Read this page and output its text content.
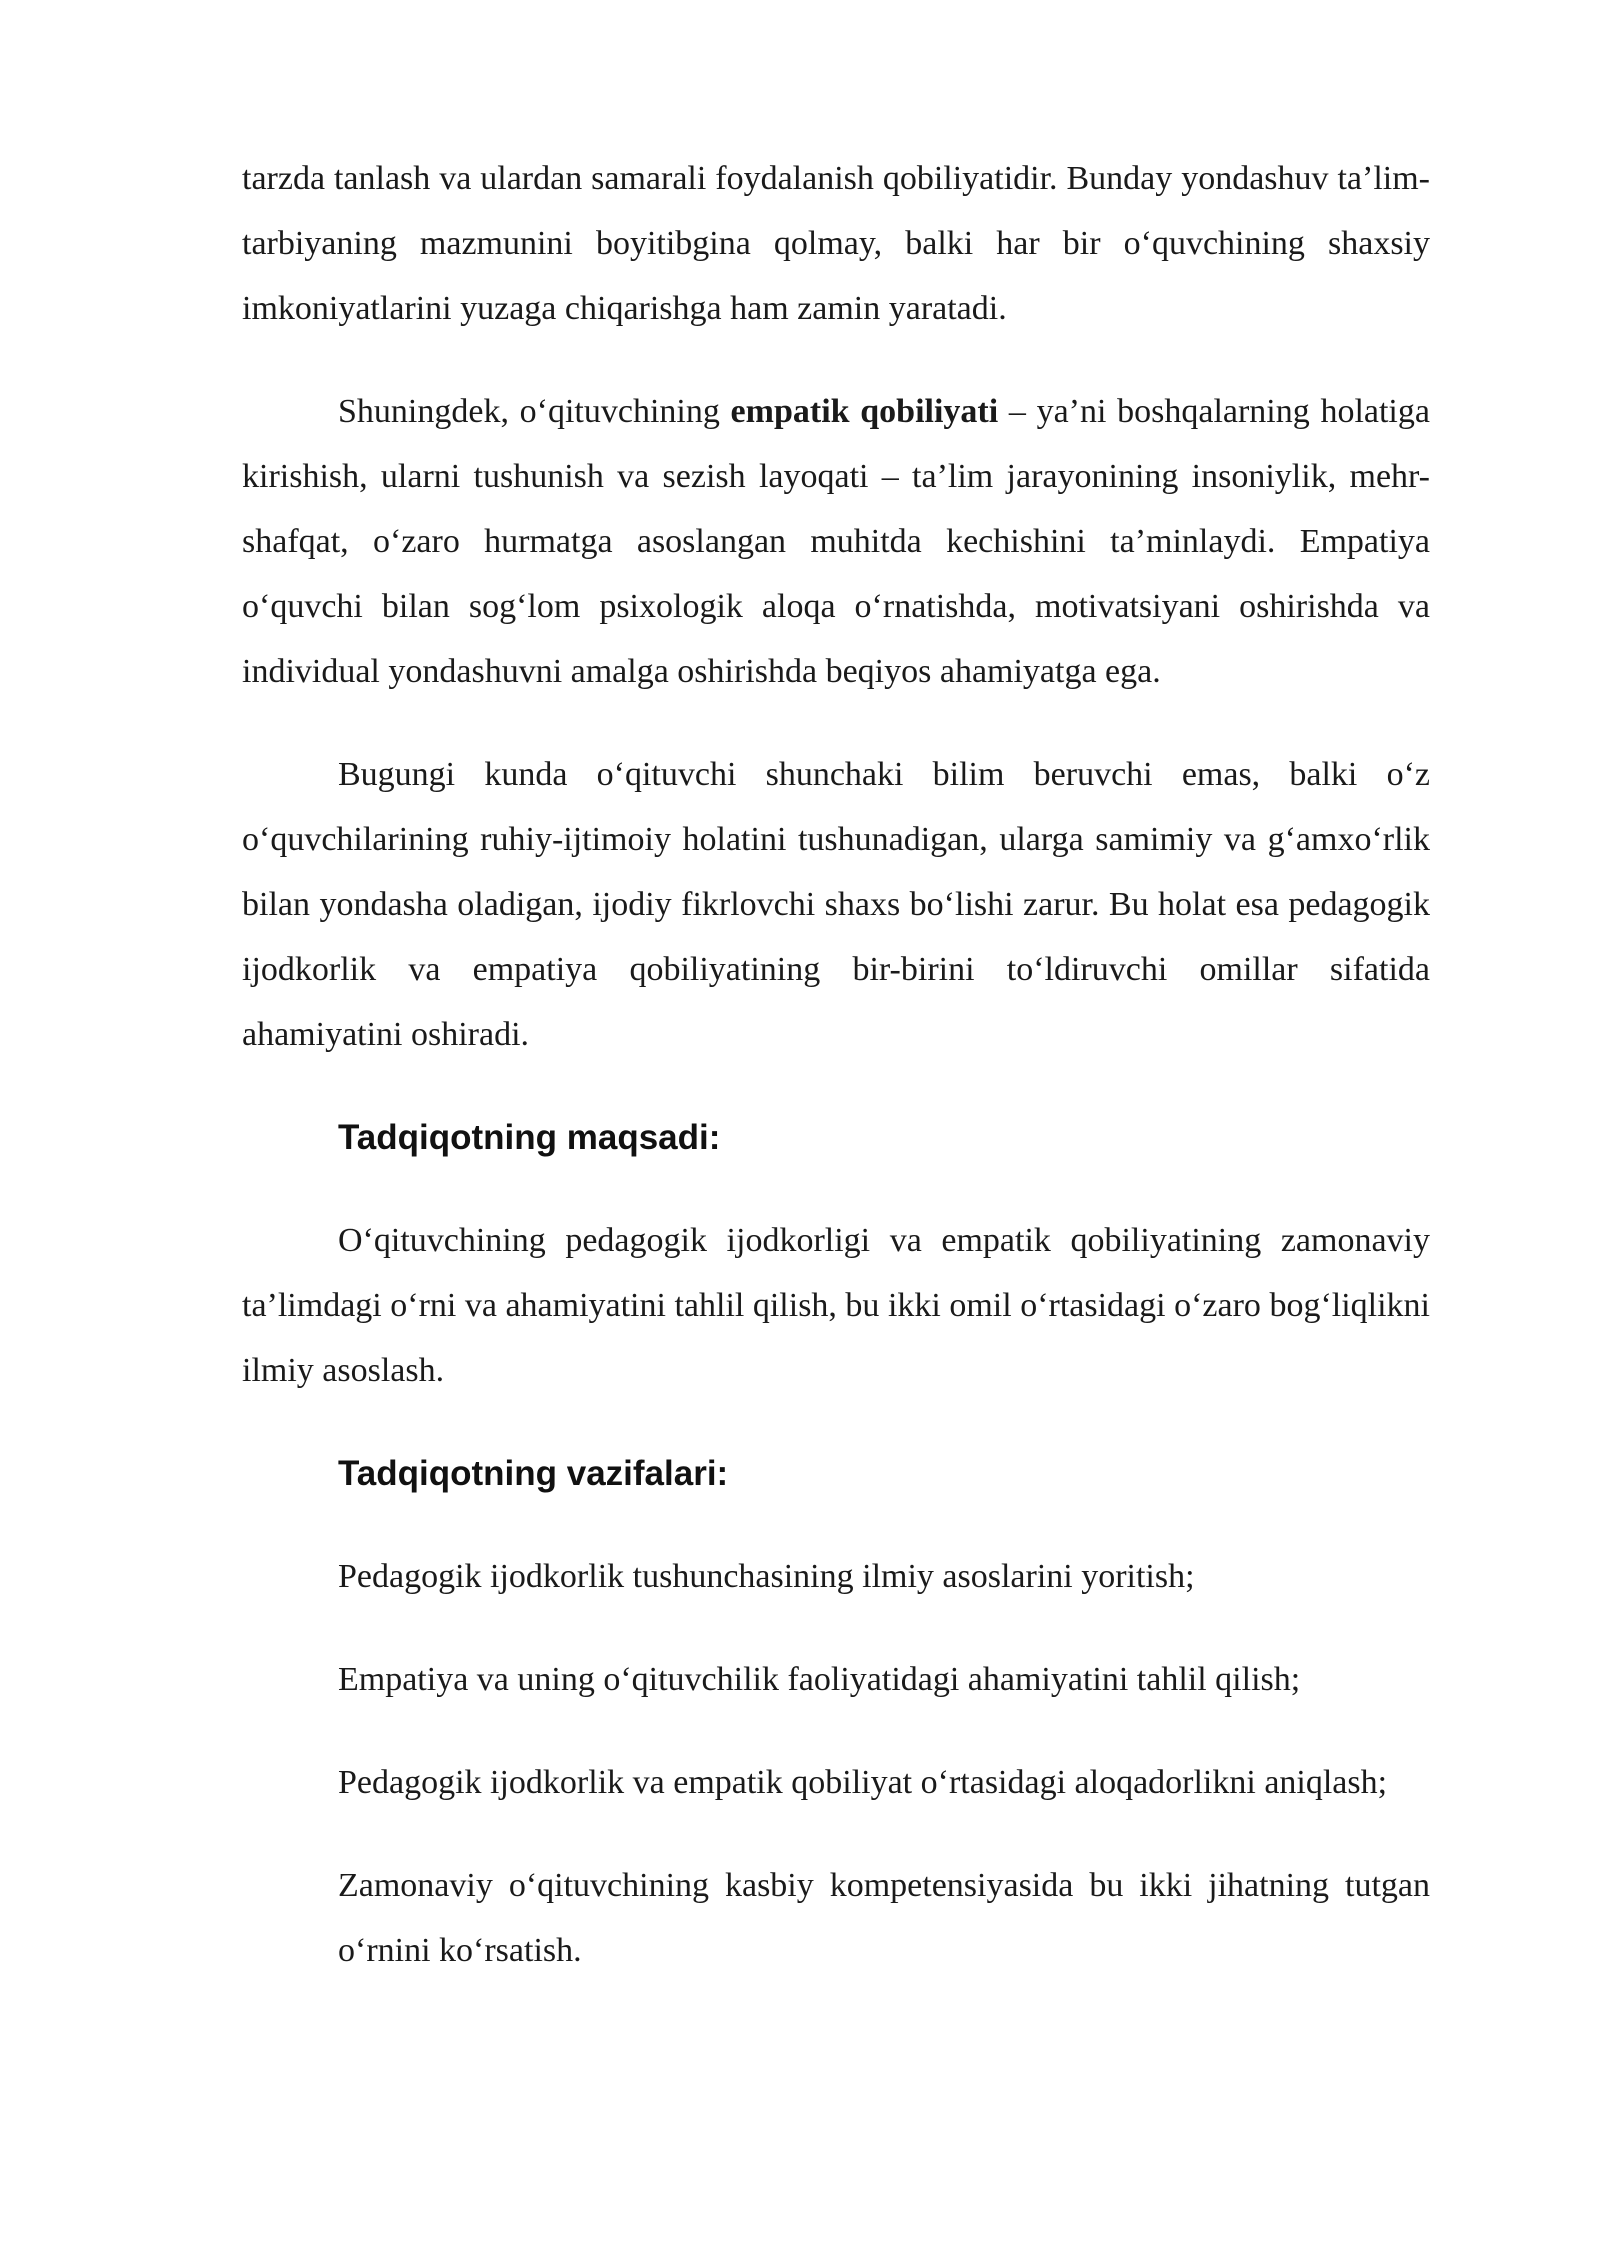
tarzda tanlash va ulardan samarali foydalanish qobiliyatidir. Bunday yondashuv ta’lim-tarbiyaning mazmunini boyitibgina qolmay, balki har bir o‘quvchining shaxsiy imkoniyatlarini yuzaga chiqarishga ham zamin yaratadi.

Shuningdek, o‘qituvchining empatik qobiliyati – ya’ni boshqalarning holatiga kirishish, ularni tushunish va sezish layoqati – ta’lim jarayonining insoniylik, mehr-shafqat, o‘zaro hurmatga asoslangan muhitda kechishini ta’minlaydi. Empatiya o‘quvchi bilan sog‘lom psixologik aloqa o‘rnatishda, motivatsiyani oshirishda va individual yondashuvni amalga oshirishda beqiyos ahamiyatga ega.

Bugungi kunda o‘qituvchi shunchaki bilim beruvchi emas, balki o‘z o‘quvchilarining ruhiy-ijtimoiy holatini tushunadigan, ularga samimiy va g‘amxo‘rlik bilan yondasha oladigan, ijodiy fikrlovchi shaxs bo‘lishi zarur. Bu holat esa pedagogik ijodkorlik va empatiya qobiliyatining bir-birini to‘ldiruvchi omillar sifatida ahamiyatini oshiradi.

Tadqiqotning maqsadi:

O‘qituvchining pedagogik ijodkorligi va empatik qobiliyatining zamonaviy ta’limdagi o‘rni va ahamiyatini tahlil qilish, bu ikki omil o‘rtasidagi o‘zaro bog‘liqlikni ilmiy asoslash.

Tadqiqotning vazifalari:
Pedagogik ijodkorlik tushunchasining ilmiy asoslarini yoritish;
Empatiya va uning o‘qituvchilik faoliyatidagi ahamiyatini tahlil qilish;
Pedagogik ijodkorlik va empatik qobiliyat o‘rtasidagi aloqadorlikni aniqlash;
Zamonaviy o‘qituvchining kasbiy kompetensiyasida bu ikki jihatning tutgan o‘rnini ko‘rsatish.
